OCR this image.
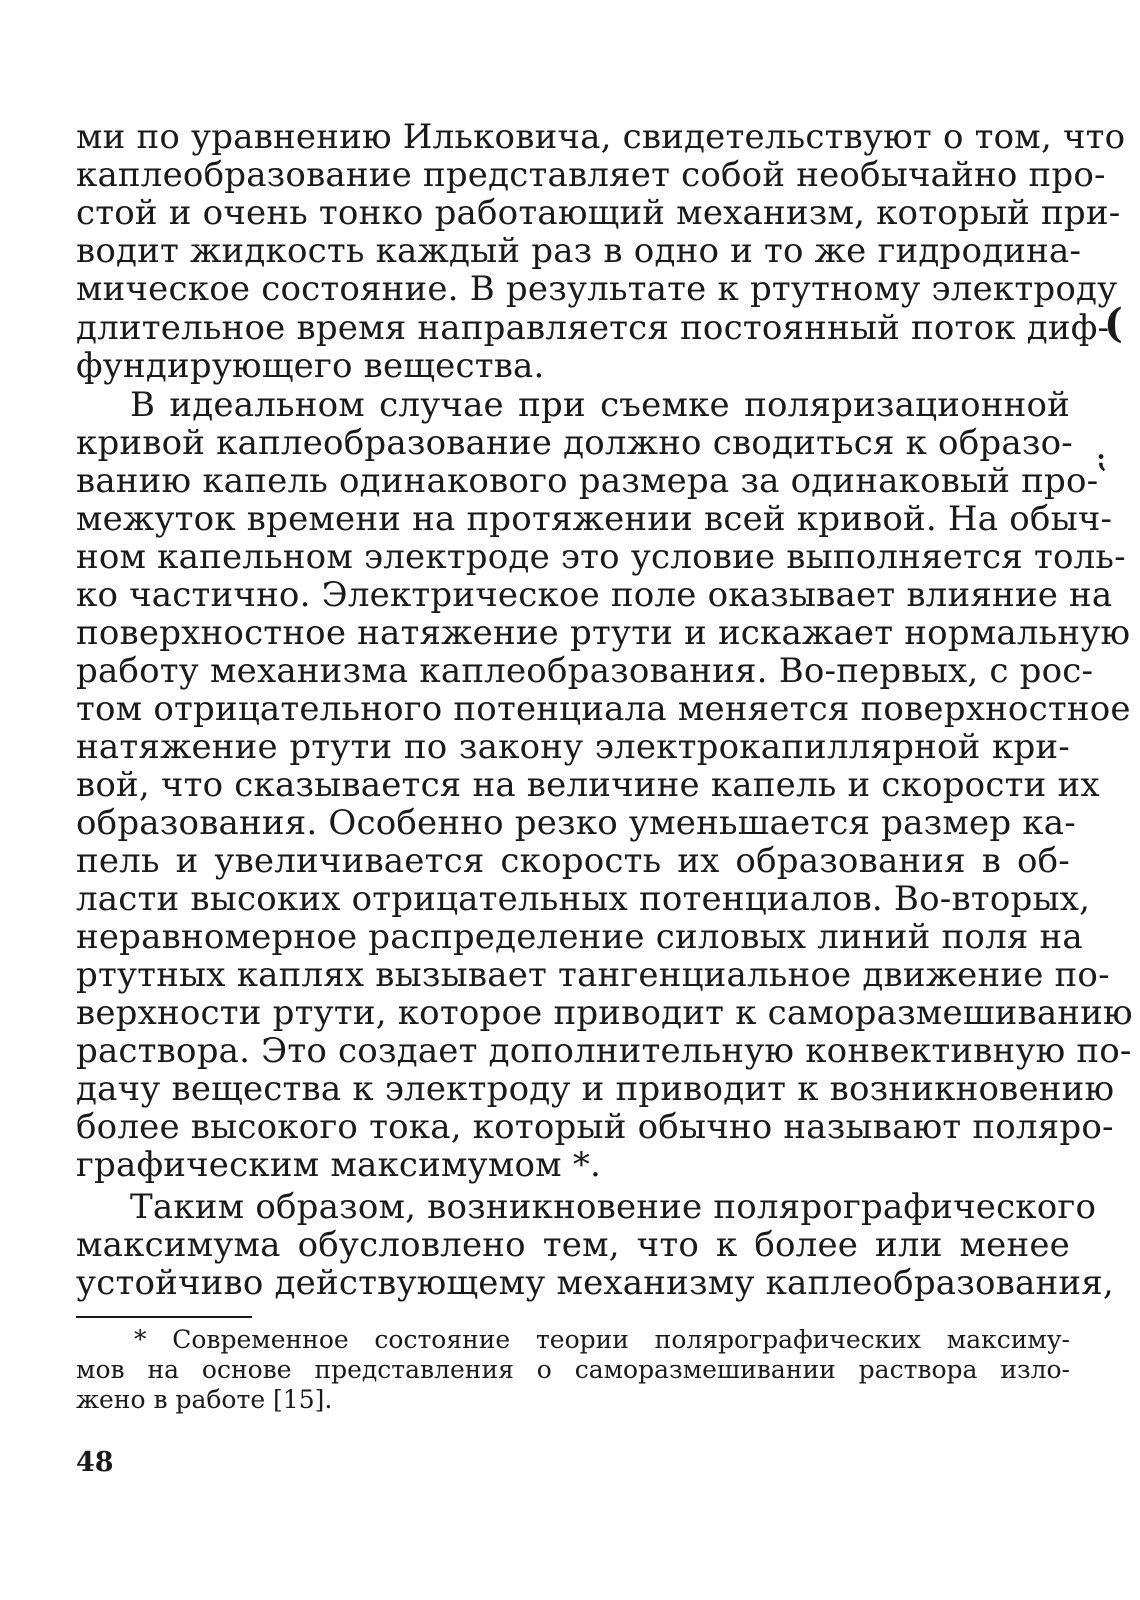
ми по уравнению Ильковича, свидетельствуют о том, что

каплеобразование представляет собой необычайно про-

стой и очень тонко работающий механизм, который при-

водит жидкость каждый раз в одно и то же гидродина-

мическое состояние. В результате к ртутному электроду

длительное время направляется постоянный поток диф-

фундирующего вещества.

В идеальном случае при съемке поляризационной

кривой каплеобразование должно сводиться к образо-

ванию капель одинакового размера за одинаковый про-

межуток времени на протяжении всей кривой. На обыч-

ном капельном электроде это условие выполняется толь-

ко частично. Электрическое поле оказывает влияние на

поверхностное натяжение ртути и искажает нормальную

работу механизма каплеобразования. Во-первых, с рос-

том отрицательного потенциала меняется поверхностное

натяжение ртути по закону электрокапиллярной кри-

вой, что сказывается на величине капель и скорости их

образования. Особенно резко уменьшается размер ка-

пель и увеличивается скорость их образования в об-

ласти высоких отрицательных потенциалов. Во-вторых,

неравномерное распределение силовых линий поля на

ртутных каплях вызывает тангенциальное движение по-

верхности ртути, которое приводит к саморазмешиванию

раствора. Это создает дополнительную конвективную по-

дачу вещества к электроду и приводит к возникновению

более высокого тока, который обычно называют поляро-

графическим максимумом *.

Таким образом, возникновение полярографического

максимума обусловлено тем, что к более или менее

устойчиво действующему механизму каплеобразования,

* Современное состояние теории полярографических максиму-

мов на основе представления о саморазмешивании раствора изло-

жено в работе [15].

48
(
⁏
